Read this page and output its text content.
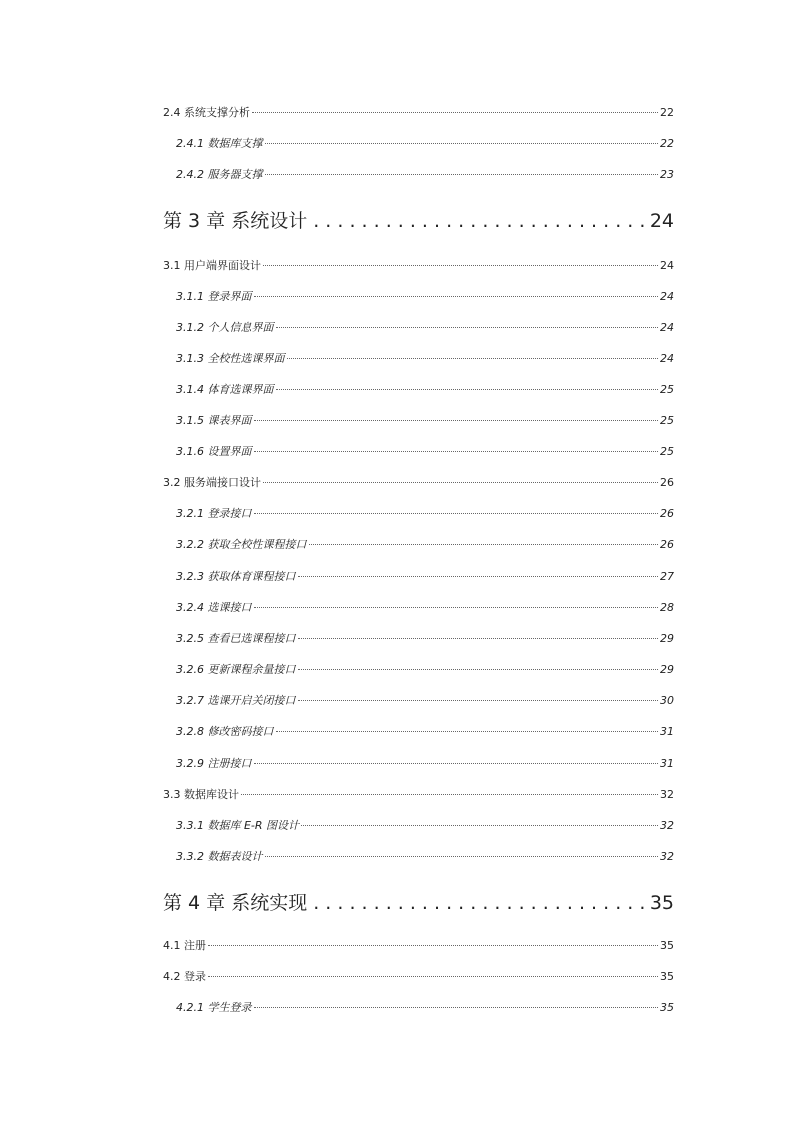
2.4 系统支撑分析	22
2.4.1 数据库支撑	22
2.4.2 服务器支撑	23
第 3 章 系统设计 . . .	24
3.1 用户端界面设计	24
3.1.1 登录界面	24
3.1.2 个人信息界面	24
3.1.3 全校性选课界面	24
3.1.4 体育选课界面	25
3.1.5 课表界面	25
3.1.6 设置界面	25
3.2 服务端接口设计	26
3.2.1 登录接口	26
3.2.2 获取全校性课程接口	26
3.2.3 获取体育课程接口	27
3.2.4 选课接口	28
3.2.5 查看已选课程接口	29
3.2.6 更新课程余量接口	29
3.2.7 选课开启关闭接口	30
3.2.8 修改密码接口	31
3.2.9 注册接口	31
3.3 数据库设计	32
3.3.1 数据库 E-R 图设计	32
3.3.2 数据表设计	32
第 4 章 系统实现 . . .	35
4.1 注册	35
4.2 登录	35
4.2.1 学生登录	35
